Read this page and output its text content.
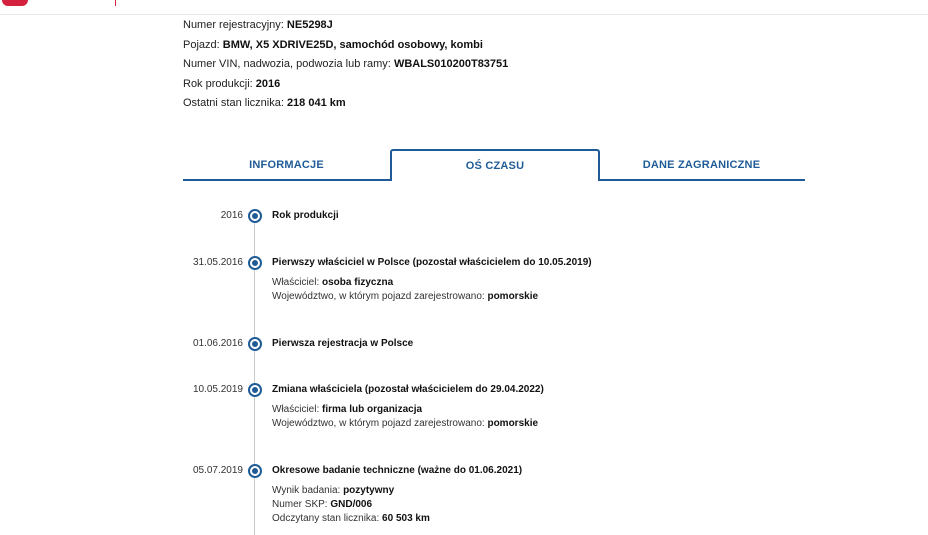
Numer rejestracyjny: NE5298J
Pojazd: BMW, X5 XDRIVE25D, samochód osobowy, kombi
Numer VIN, nadwozia, podwozia lub ramy: WBALS010200T83751
Rok produkcji: 2016
Ostatni stan licznika: 218 041 km
INFORMACJE	OŚ CZASU	DANE ZAGRANICZNE
2016	Rok produkcji
31.05.2016	Pierwszy właściciel w Polsce (pozostał właścicielem do 10.05.2019)
Właściciel: osoba fizyczna
Województwo, w którym pojazd zarejestrowano: pomorskie
01.06.2016	Pierwsza rejestracja w Polsce
10.05.2019	Zmiana właściciela (pozostał właścicielem do 29.04.2022)
Właściciel: firma lub organizacja
Województwo, w którym pojazd zarejestrowano: pomorskie
05.07.2019	Okresowe badanie techniczne (ważne do 01.06.2021)
Wynik badania: pozytywny
Numer SKP: GND/006
Odczytany stan licznika: 60 503 km
